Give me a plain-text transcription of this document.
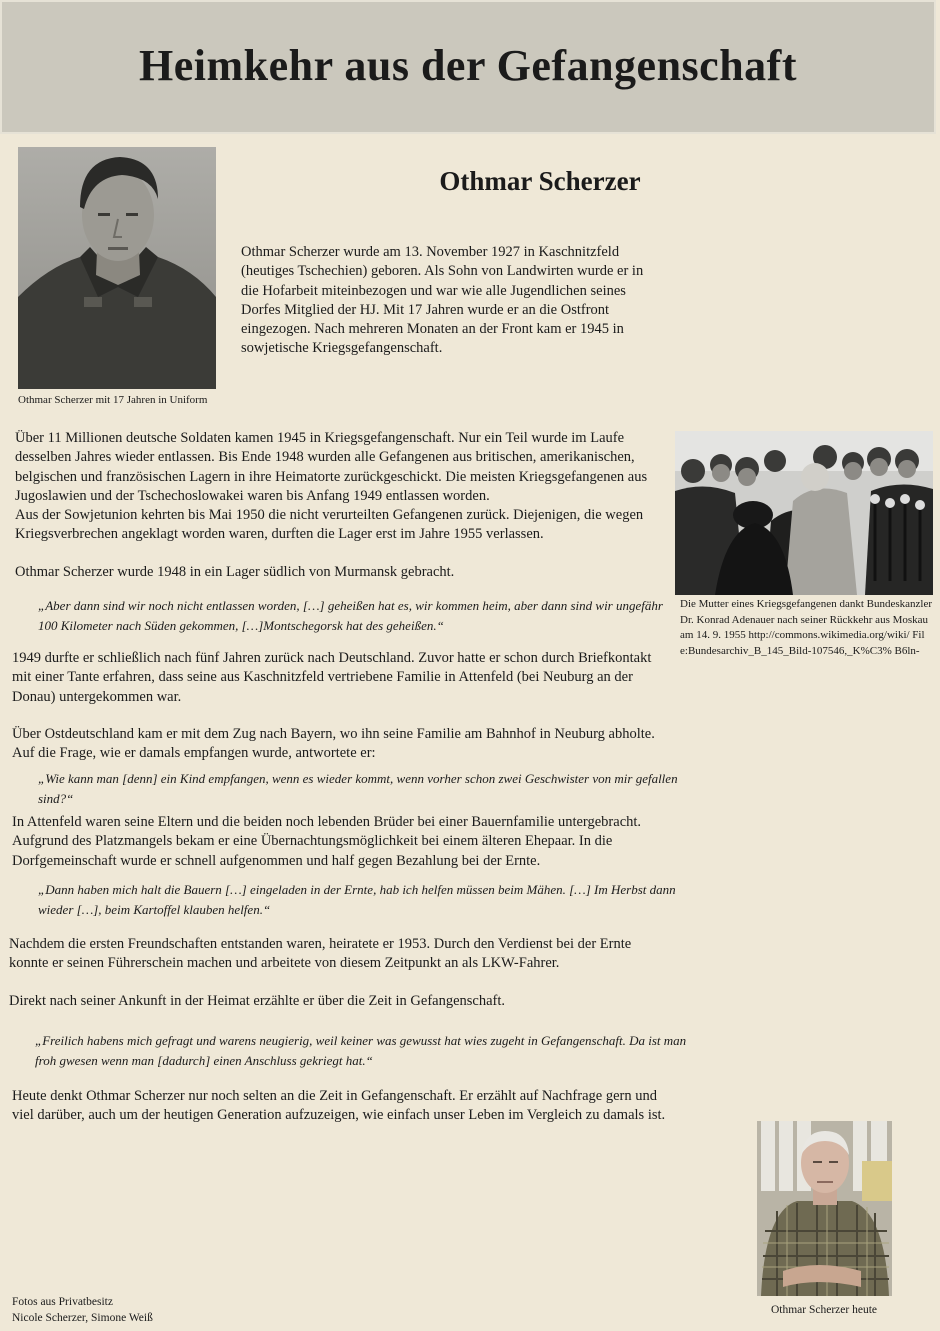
Heimkehr aus der Gefangenschaft
Othmar Scherzer mit 17 Jahren in Uniform
Othmar Scherzer

Othmar Scherzer wurde am 13. November 1927 in Kaschnitzfeld (heutiges Tschechien) geboren. Als Sohn von Landwirten wurde er in die Hofarbeit miteinbezogen und war wie alle Jugendlichen seines Dorfes Mitglied der HJ. Mit 17 Jahren wurde er an die Ostfront eingezogen. Nach mehreren Monaten an der Front kam er 1945 in sowjetische Kriegsgefangenschaft.

Die Mutter eines Kriegsgefangenen dankt Bundeskanzler Dr. Konrad Adenauer nach seiner Rückkehr aus Moskau am 14. 9. 1955 http://commons.wikimedia.org/wiki/ File:Bundesarchiv_B_145_Bild-107546,_K%C3% B6ln-

Über 11 Millionen deutsche Soldaten kamen 1945 in Kriegsgefangenschaft. Nur ein Teil wurde im Laufe desselben Jahres wieder entlassen. Bis Ende 1948 wurden alle Gefangenen aus britischen, amerikanischen, belgischen und französischen Lagern in ihre Heimatorte zurückgeschickt. Die meisten Kriegsgefangenen aus Jugoslawien und der Tschechoslowakei waren bis Anfang 1949 entlassen worden.

Aus der Sowjetunion kehrten bis Mai 1950 die nicht verurteilten Gefangenen zurück. Diejenigen, die wegen Kriegsverbrechen angeklagt worden waren, durften die Lager erst im Jahre 1955 verlassen.

Othmar Scherzer wurde 1948 in ein Lager südlich von Murmansk gebracht.

„Aber dann sind wir noch nicht entlassen worden, […] geheißen hat es, wir kommen heim, aber dann sind wir ungefähr 100 Kilometer nach Süden gekommen, […]Montschegorsk hat des geheißen.“

1949 durfte er schließlich nach fünf Jahren zurück nach Deutschland. Zuvor hatte er schon durch Briefkontakt mit einer Tante erfahren, dass seine aus Kaschnitzfeld vertriebene Familie in Attenfeld (bei Neuburg an der Donau) untergekommen war.

Über Ostdeutschland kam er mit dem Zug nach Bayern, wo ihn seine Familie am Bahnhof in Neuburg abholte. Auf die Frage, wie er damals empfangen wurde, antwortete er:

„Wie kann man [denn] ein Kind empfangen, wenn es wieder kommt, wenn vorher schon zwei Geschwister von mir gefallen sind?“

In Attenfeld waren seine Eltern und die beiden noch lebenden Brüder bei einer Bauernfamilie untergebracht. Aufgrund des Platzmangels bekam er eine Übernachtungsmöglichkeit bei einem älteren Ehepaar. In die Dorfgemeinschaft wurde er schnell aufgenommen und half gegen Bezahlung bei der Ernte.

„Dann haben mich halt die Bauern […] eingeladen in der Ernte, hab ich helfen müssen beim Mähen. […] Im Herbst dann wieder […], beim Kartoffel klauben helfen.“

Nachdem die ersten Freundschaften entstanden waren, heiratete er 1953. Durch den Verdienst bei der Ernte konnte er seinen Führerschein machen und arbeitete von diesem Zeitpunkt an als LKW-Fahrer.

Direkt nach seiner Ankunft in der Heimat erzählte er über die Zeit in Gefangenschaft.

„Freilich habens mich gefragt und warens neugierig, weil keiner was gewusst hat wies zugeht in Gefangenschaft. Da ist man froh gwesen wenn man [dadurch] einen Anschluss gekriegt hat.“

Heute denkt Othmar Scherzer nur noch selten an die Zeit in Gefangenschaft. Er erzählt auf Nachfrage gern und viel darüber, auch um der heutigen Generation aufzuzeigen, wie einfach unser Leben im Vergleich zu damals ist.

Othmar Scherzer heute
Fotos aus Privatbesitz
Nicole Scherzer, Simone Weiß
